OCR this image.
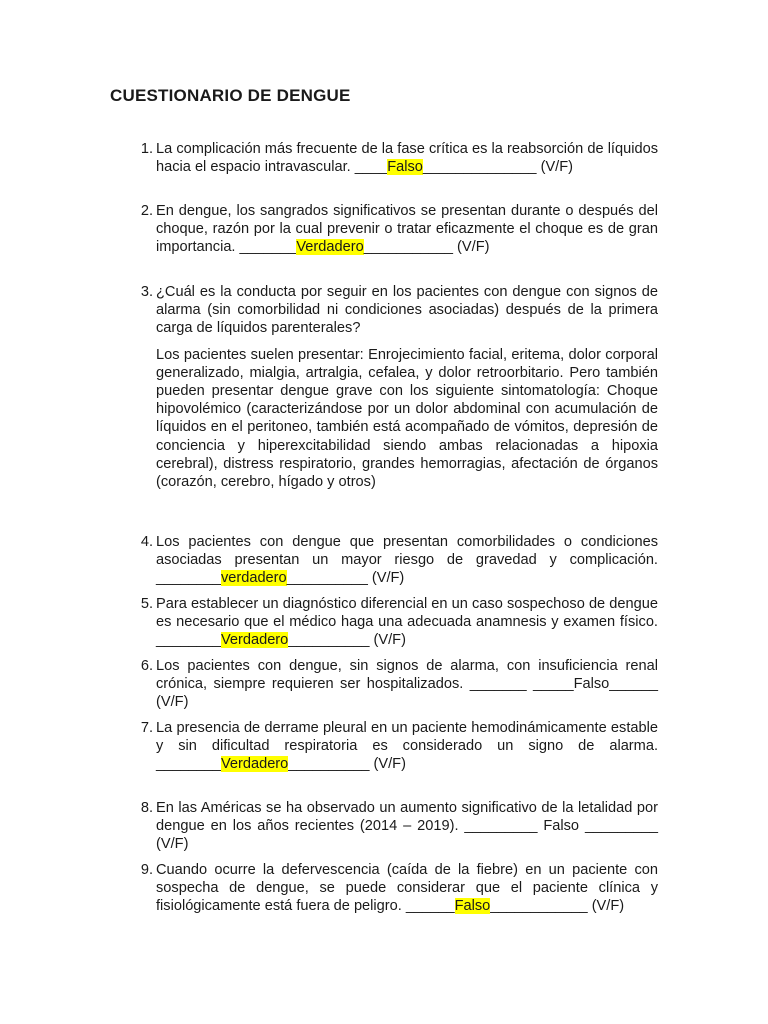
CUESTIONARIO DE DENGUE
1. La complicación más frecuente de la fase crítica es la reabsorción de líquidos hacia el espacio intravascular. ____Falso______________ (V/F)
2. En dengue, los sangrados significativos se presentan durante o después del choque, razón por la cual prevenir o tratar eficazmente el choque es de gran importancia. _______Verdadero___________ (V/F)
3. ¿Cuál es la conducta por seguir en los pacientes con dengue con signos de alarma (sin comorbilidad ni condiciones asociadas) después de la primera carga de líquidos parenterales?
Los pacientes suelen presentar: Enrojecimiento facial, eritema, dolor corporal generalizado, mialgia, artralgia, cefalea, y dolor retroorbitario. Pero también pueden presentar dengue grave con los siguiente sintomatología: Choque hipovolémico (caracterizándose por un dolor abdominal con acumulación de líquidos en el peritoneo, también está acompañado de vómitos, depresión de conciencia y hiperexcitabilidad siendo ambas relacionadas a hipoxia cerebral), distress respiratorio, grandes hemorragias, afectación de órganos (corazón, cerebro, hígado y otros)
4. Los pacientes con dengue que presentan comorbilidades o condiciones asociadas presentan un mayor riesgo de gravedad y complicación. ________verdadero__________ (V/F)
5. Para establecer un diagnóstico diferencial en un caso sospechoso de dengue es necesario que el médico haga una adecuada anamnesis y examen físico. ________Verdadero__________ (V/F)
6. Los pacientes con dengue, sin signos de alarma, con insuficiencia renal crónica, siempre requieren ser hospitalizados. _______ _____Falso______ (V/F)
7. La presencia de derrame pleural en un paciente hemodinámicamente estable y sin dificultad respiratoria es considerado un signo de alarma. ________Verdadero__________ (V/F)
8. En las Américas se ha observado un aumento significativo de la letalidad por dengue en los años recientes (2014 – 2019). _________ Falso _________ (V/F)
9. Cuando ocurre la defervescencia (caída de la fiebre) en un paciente con sospecha de dengue, se puede considerar que el paciente clínica y fisiológicamente está fuera de peligro. ______Falso____________ (V/F)
